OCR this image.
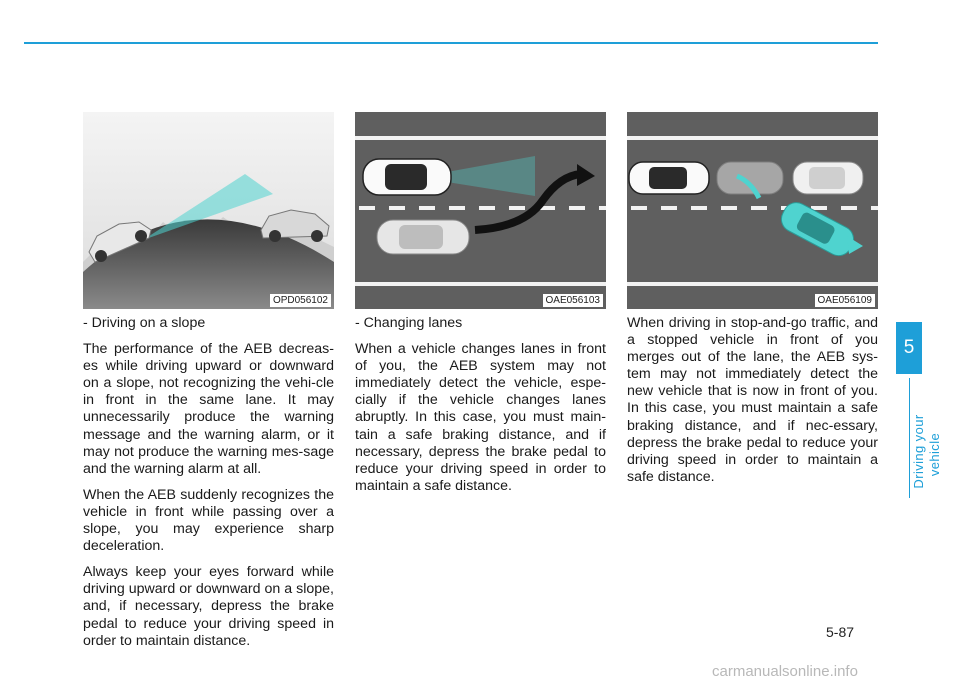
OPD056102

- Driving on a slope

The performance of the AEB decreas-es while driving upward or downward on a slope, not recognizing the vehi-cle in front in the same lane. It may unnecessarily produce the warning message and the warning alarm, or it may not produce the warning mes-sage and the warning alarm at all.

When the AEB suddenly recognizes the vehicle in front while passing over a slope, you may experience sharp deceleration.

Always keep your eyes forward while driving upward or downward on a slope, and, if necessary, depress the brake pedal to reduce your driving speed in order to maintain distance.

OAE056103

- Changing lanes

When a vehicle changes lanes in front of you, the AEB system may not immediately detect the vehicle, espe-cially if the vehicle changes lanes abruptly. In this case, you must main-tain a safe braking distance, and if necessary, depress the brake pedal to reduce your driving speed in order to maintain a safe distance.

OAE056109

When driving in stop-and-go traffic, and a stopped vehicle in front of you merges out of the lane, the AEB sys-tem may not immediately detect the new vehicle that is now in front of you. In this case, you must maintain a safe braking distance, and if nec-essary, depress the brake pedal to reduce your driving speed in order to maintain a safe distance.

5
Driving your vehicle
5-87
carmanualsonline.info
